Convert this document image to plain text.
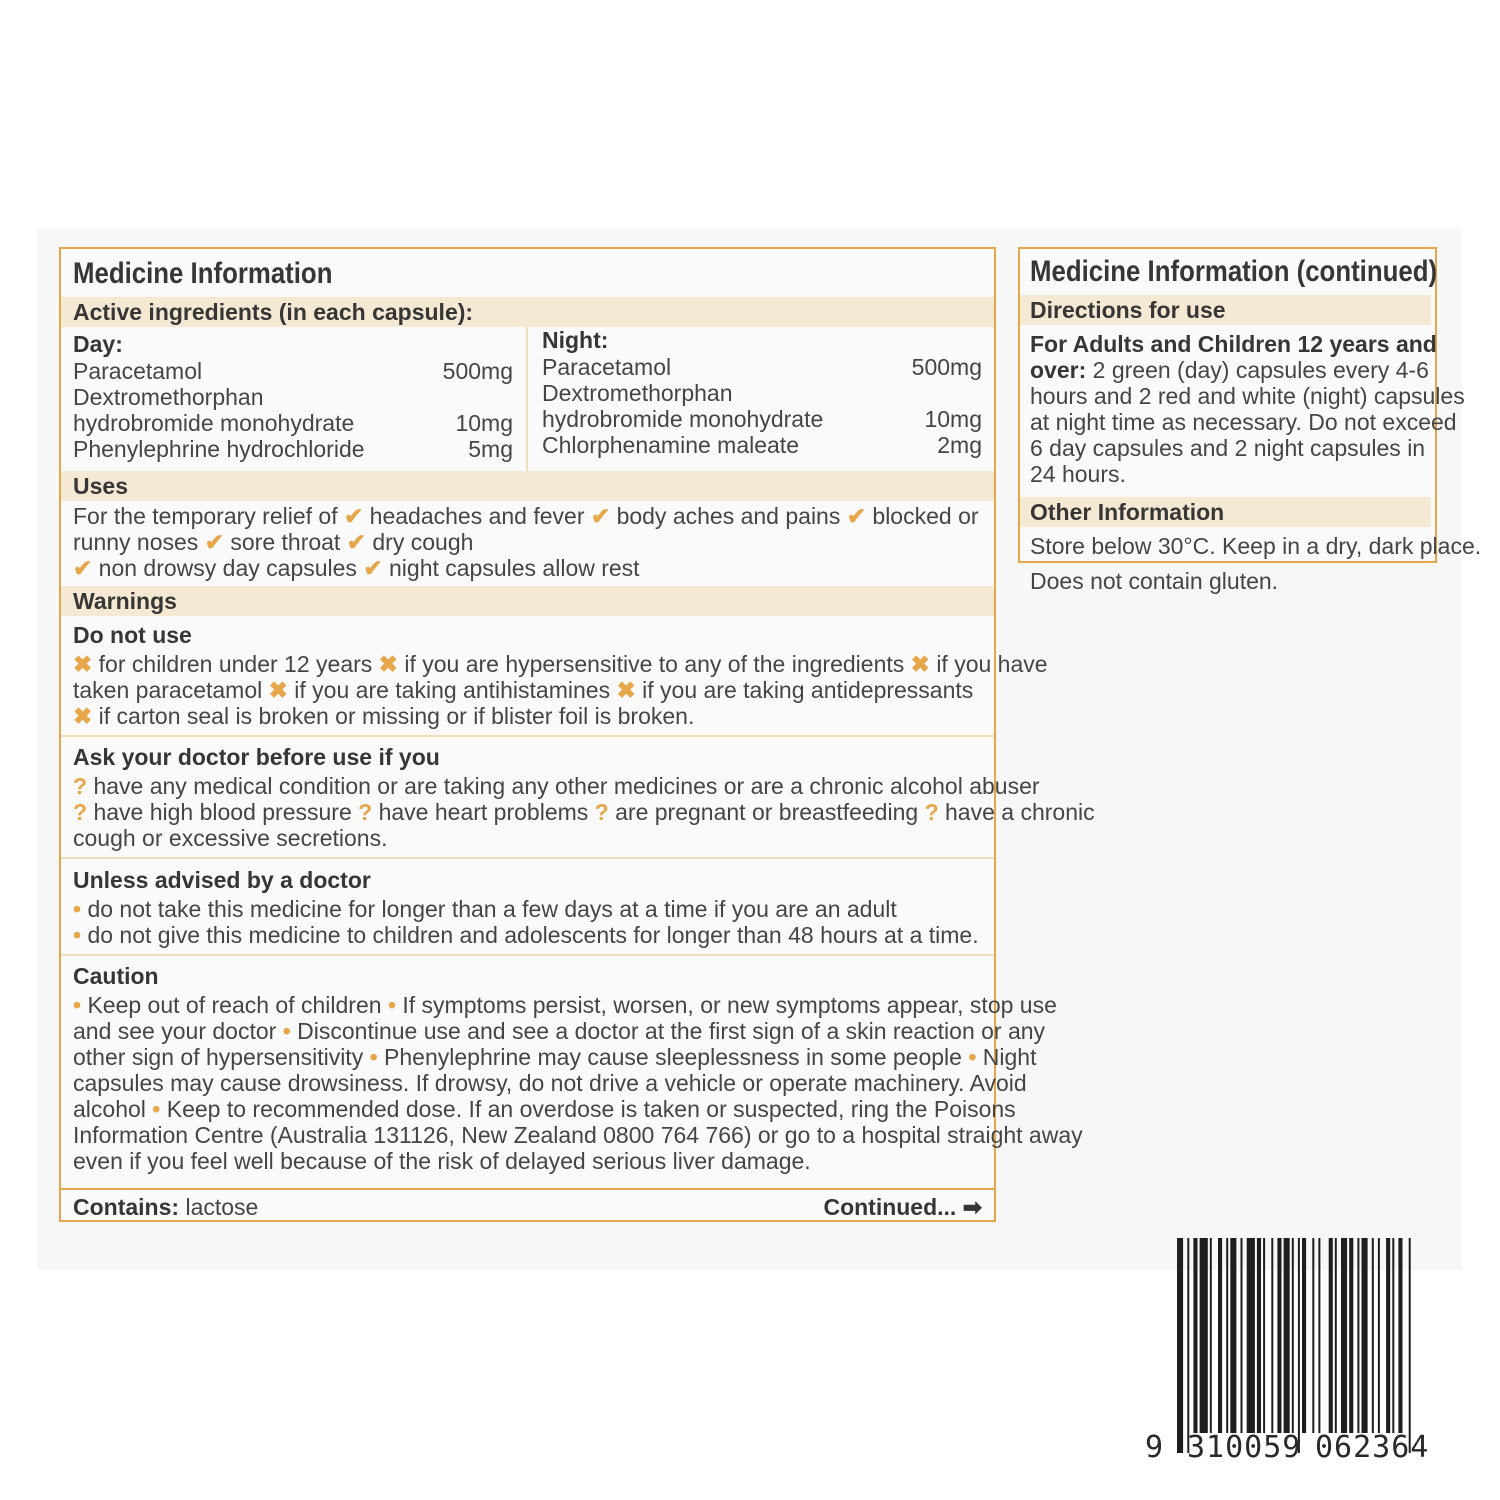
Medicine Information
Active ingredients (in each capsule):
Day:
Paracetamol	500mg
Dextromethorphan
hydrobromide monohydrate	10mg
Phenylephrine hydrochloride	5mg
Night:
Paracetamol	500mg
Dextromethorphan
hydrobromide monohydrate	10mg
Chlorphenamine maleate	2mg
Uses
For the temporary relief of ✔ headaches and fever ✔ body aches and pains ✔ blocked or
runny noses ✔ sore throat ✔ dry cough
✔ non drowsy day capsules ✔ night capsules allow rest
Warnings
Do not use
✖ for children under 12 years ✖ if you are hypersensitive to any of the ingredients ✖ if you have
taken paracetamol ✖ if you are taking antihistamines ✖ if you are taking antidepressants
✖ if carton seal is broken or missing or if blister foil is broken.
Ask your doctor before use if you
? have any medical condition or are taking any other medicines or are a chronic alcohol abuser
? have high blood pressure ? have heart problems ? are pregnant or breastfeeding ? have a chronic
cough or excessive secretions.
Unless advised by a doctor
• do not take this medicine for longer than a few days at a time if you are an adult
• do not give this medicine to children and adolescents for longer than 48 hours at a time.
Caution
• Keep out of reach of children • If symptoms persist, worsen, or new symptoms appear, stop use
and see your doctor • Discontinue use and see a doctor at the first sign of a skin reaction or any
other sign of hypersensitivity • Phenylephrine may cause sleeplessness in some people • Night
capsules may cause drowsiness. If drowsy, do not drive a vehicle or operate machinery. Avoid
alcohol • Keep to recommended dose. If an overdose is taken or suspected, ring the Poisons
Information Centre (Australia 131126, New Zealand 0800 764 766) or go to a hospital straight away
even if you feel well because of the risk of delayed serious liver damage.
Contains: lactose	Continued... ➡
Medicine Information (continued)
Directions for use
For Adults and Children 12 years and
over: 2 green (day) capsules every 4-6
hours and 2 red and white (night) capsules
at night time as necessary. Do not exceed
6 day capsules and 2 night capsules in
24 hours.
Other Information
Store below 30°C. Keep in a dry, dark place.
Does not contain gluten.
9 310059 062364
